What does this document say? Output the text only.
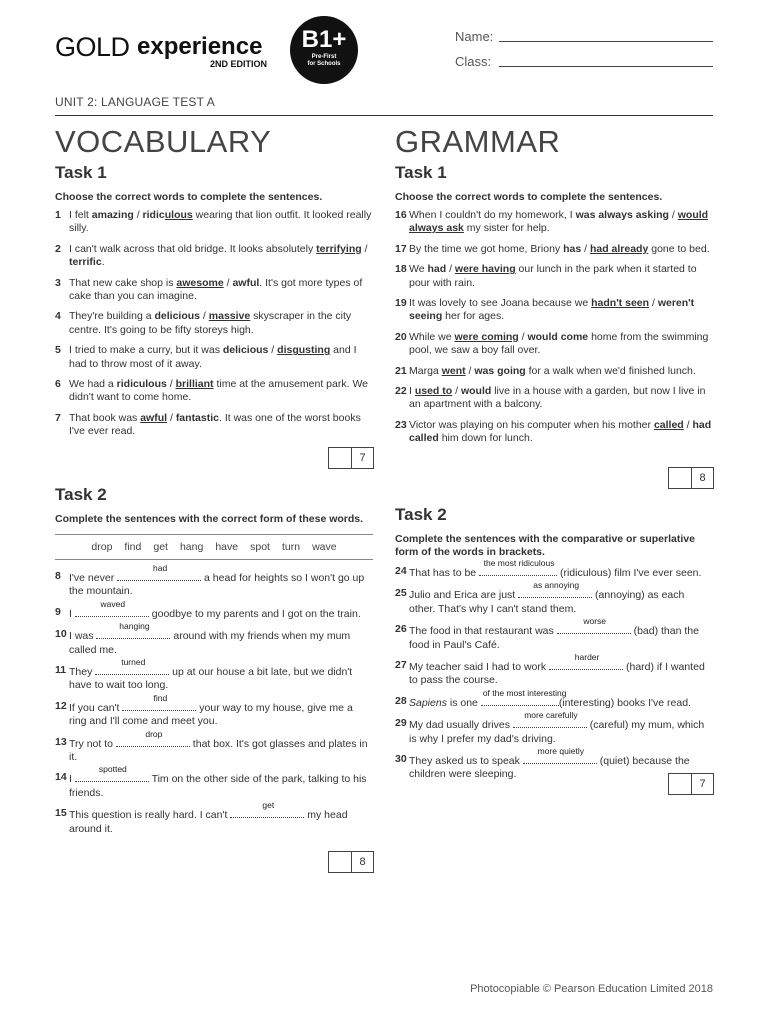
GOLD experience
2ND EDITION
B1+
Pre-First
for Schools
Name:
Class:
UNIT 2: LANGUAGE TEST A
VOCABULARY
Task 1
Choose the correct words to complete the sentences.
1 I felt amazing / ridiculous wearing that lion outfit. It looked really silly.
2 I can't walk across that old bridge. It looks absolutely terrifying / terrific.
3 That new cake shop is awesome / awful. It's got more types of cake than you can imagine.
4 They're building a delicious / massive skyscraper in the city centre. It's going to be fifty storeys high.
5 I tried to make a curry, but it was delicious / disgusting and I had to throw most of it away.
6 We had a ridiculous / brilliant time at the amusement park. We didn't want to come home.
7 That book was awful / fantastic. It was one of the worst books I've ever read.
7
Task 2
Complete the sentences with the correct form of these words.
drop find get hang have spot turn wave
8 I've never
had
a head for heights so I won't go up the mountain.
9 I
waved
goodbye to my parents and I got on the train.
10 I was
hanging
around with my friends when my mum called me.
11 They
turned
up at our house a bit late, but we didn't have to wait too long.
12 If you can't
find
your way to my house, give me a ring and I'll come and meet you.
13 Try not to
drop
that box. It's got glasses and plates in it.
14 I
spotted
Tim on the other side of the park, talking to his friends.
15 This question is really hard. I can't
get
my head around it.
8
GRAMMAR
Task 1
Choose the correct words to complete the sentences.
16 When I couldn't do my homework, I was always asking / would always ask my sister for help.
17 By the time we got home, Briony has / had already gone to bed.
18 We had / were having our lunch in the park when it started to pour with rain.
19 It was lovely to see Joana because we hadn't seen / weren't seeing her for ages.
20 While we were coming / would come home from the swimming pool, we saw a boy fall over.
21 Marga went / was going for a walk when we'd finished lunch.
22 I used to / would live in a house with a garden, but now I live in an apartment with a balcony.
23 Victor was playing on his computer when his mother called / had called him down for lunch.
8
Task 2
Complete the sentences with the comparative or superlative form of the words in brackets.
24 That has to be
the most ridiculous
(ridiculous) film I've ever seen.
25 Julio and Erica are just
as annoying
(annoying) as each other. That's why I can't stand them.
26 The food in that restaurant was
worse
(bad) than the food in Paul's Café.
27 My teacher said I had to work
harder
(hard) if I wanted to pass the course.
28 Sapiens is one
of the most interesting
(interesting) books I've read.
29 My dad usually drives
more carefully
(careful) my mum, which is why I prefer my dad's driving.
30 They asked us to speak
more quietly
(quiet) because the children were sleeping.
7
Photocopiable © Pearson Education Limited 2018
